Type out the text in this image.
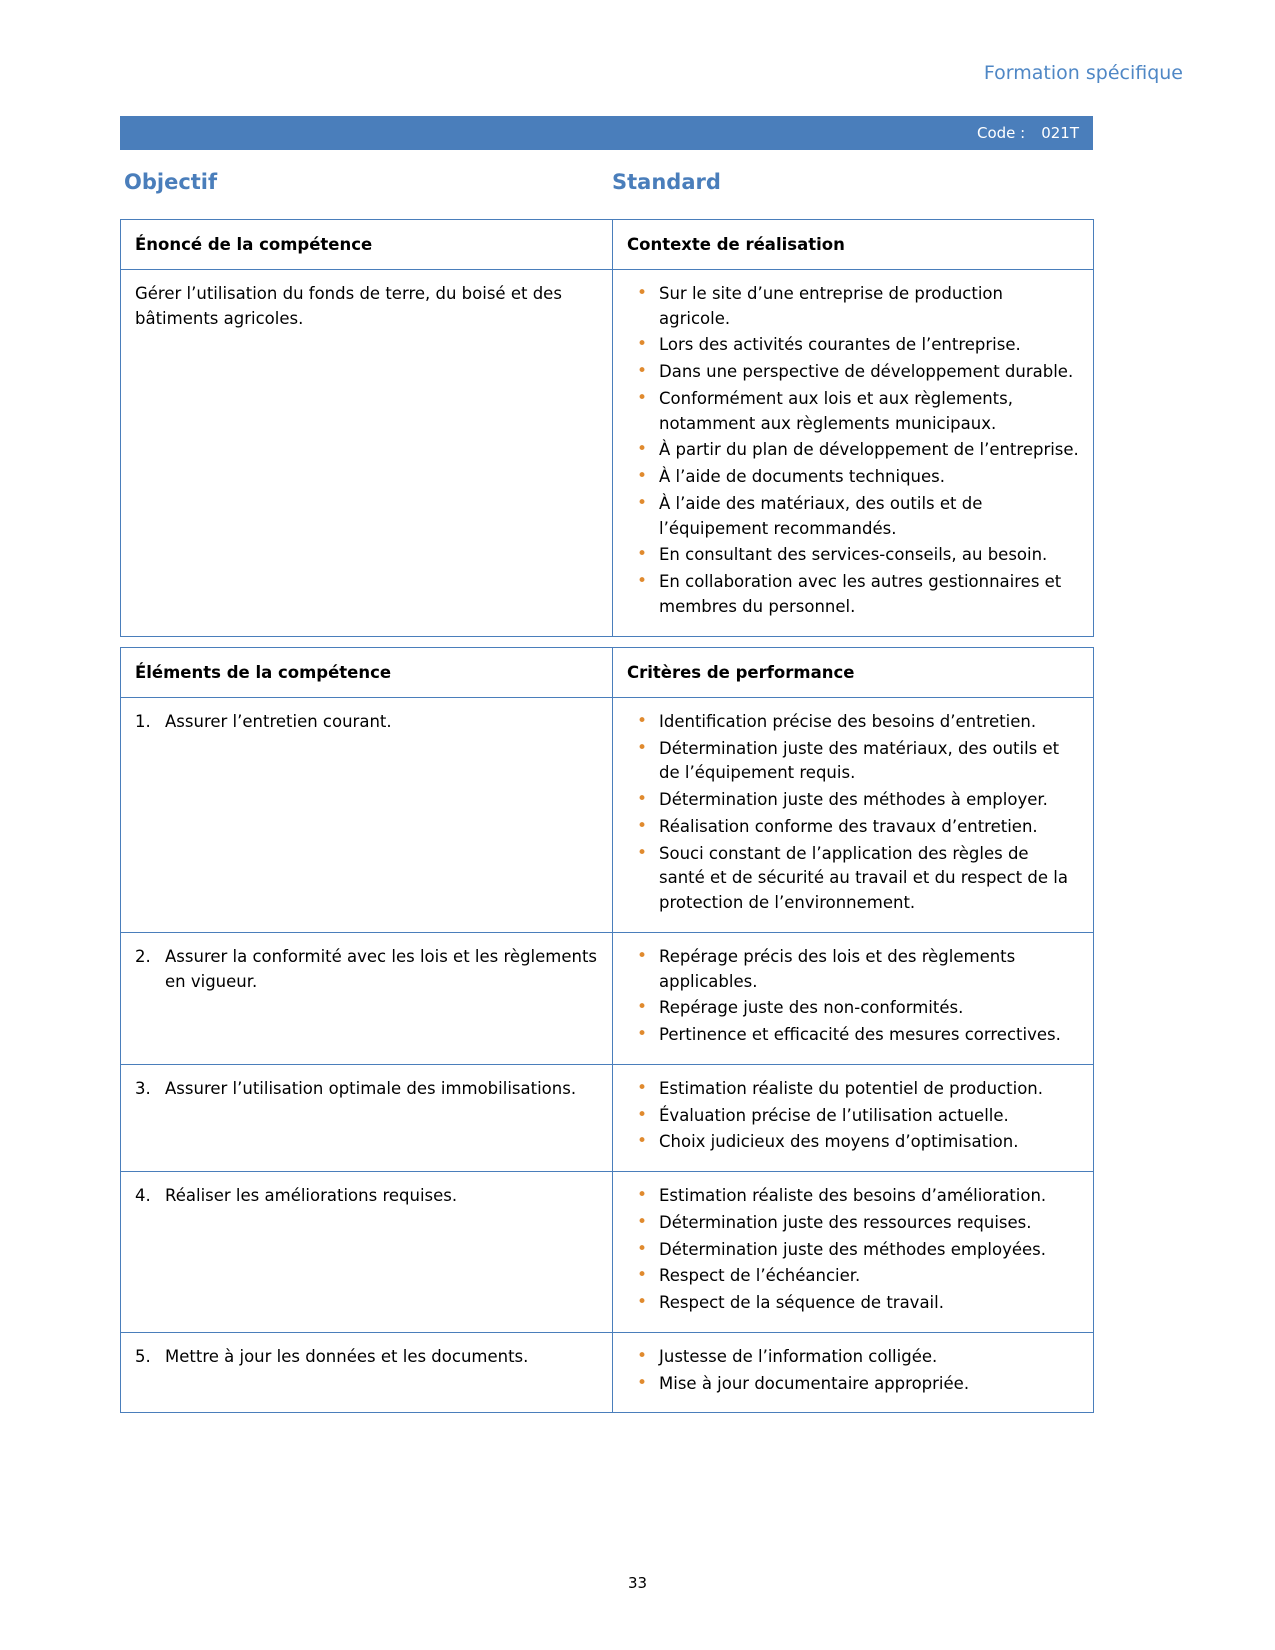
Formation spécifique
Code : 021T
Objectif	Standard
Énoncé de la compétence	Contexte de réalisation

Gérer l’utilisation du fonds de terre, du boisé et des bâtiments agricoles.

• Sur le site d’une entreprise de production agricole.
• Lors des activités courantes de l’entreprise.
• Dans une perspective de développement durable.
• Conformément aux lois et aux règlements, notamment aux règlements municipaux.
• À partir du plan de développement de l’entreprise.
• À l’aide de documents techniques.
• À l’aide des matériaux, des outils et de l’équipement recommandés.
• En consultant des services-conseils, au besoin.
• En collaboration avec les autres gestionnaires et membres du personnel.
Éléments de la compétence	Critères de performance

1. Assurer l’entretien courant.

•Identification précise des besoins d’entretien.
• Détermination juste des matériaux, des outils et de l’équipement requis.
• Détermination juste des méthodes à employer.
• Réalisation conforme des travaux d’entretien.
• Souci constant de l’application des règles de santé et de sécurité au travail et du respect de la protection de l’environnement.

2. Assurer la conformité avec les lois et les règlements en vigueur.

• Repérage précis des lois et des règlements applicables.
• Repérage juste des non-conformités.
• Pertinence et efficacité des mesures correctives.

3. Assurer l’utilisation optimale des immobilisations.

•Estimation réaliste du potentiel de production.
• Évaluation précise de l’utilisation actuelle.
• Choix judicieux des moyens d’optimisation.

4. Réaliser les améliorations requises.

•Estimation réaliste des besoins d’amélioration.
• Détermination juste des ressources requises.
• Détermination juste des méthodes employées.
• Respect de l’échéancier.
• Respect de la séquence de travail.

5. Mettre à jour les données et les documents.

•Justesse de l’information colligée.
• Mise à jour documentaire appropriée.
33
